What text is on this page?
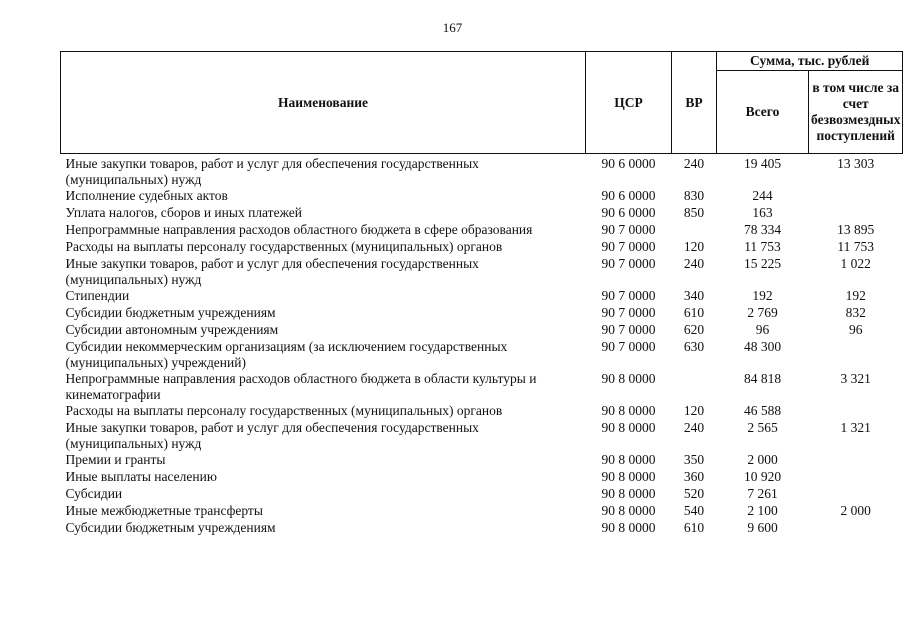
167
Наименование	ЦСР	ВР	Сумма, тыс. рублей	
			Всего	в том числе за счет безвозмездных поступлений
Иные закупки товаров, работ и услуг для обеспечения государственных (муниципальных) нужд	90 6 0000	240	19 405	13 303
Исполнение судебных актов	90 6 0000	830	244	
Уплата налогов, сборов и иных платежей	90 6 0000	850	163	
Непрограммные направления расходов областного бюджета в сфере образования	90 7 0000		78 334	13 895
Расходы на выплаты персоналу государственных (муниципальных) органов	90 7 0000	120	11 753	11 753
Иные закупки товаров, работ и услуг для обеспечения государственных (муниципальных) нужд	90 7 0000	240	15 225	1 022
Стипендии	90 7 0000	340	192	192
Субсидии бюджетным учреждениям	90 7 0000	610	2 769	832
Субсидии автономным учреждениям	90 7 0000	620	96	96
Субсидии некоммерческим организациям (за исключением государственных (муниципальных) учреждений)	90 7 0000	630	48 300	
Непрограммные направления расходов областного бюджета в области культуры и кинематографии	90 8 0000		84 818	3 321
Расходы на выплаты персоналу государственных (муниципальных) органов	90 8 0000	120	46 588	
Иные закупки товаров, работ и услуг для обеспечения государственных (муниципальных) нужд	90 8 0000	240	2 565	1 321
Премии и гранты	90 8 0000	350	2 000	
Иные выплаты населению	90 8 0000	360	10 920	
Субсидии	90 8 0000	520	7 261	
Иные межбюджетные трансферты	90 8 0000	540	2 100	2 000
Субсидии бюджетным учреждениям	90 8 0000	610	9 600	
